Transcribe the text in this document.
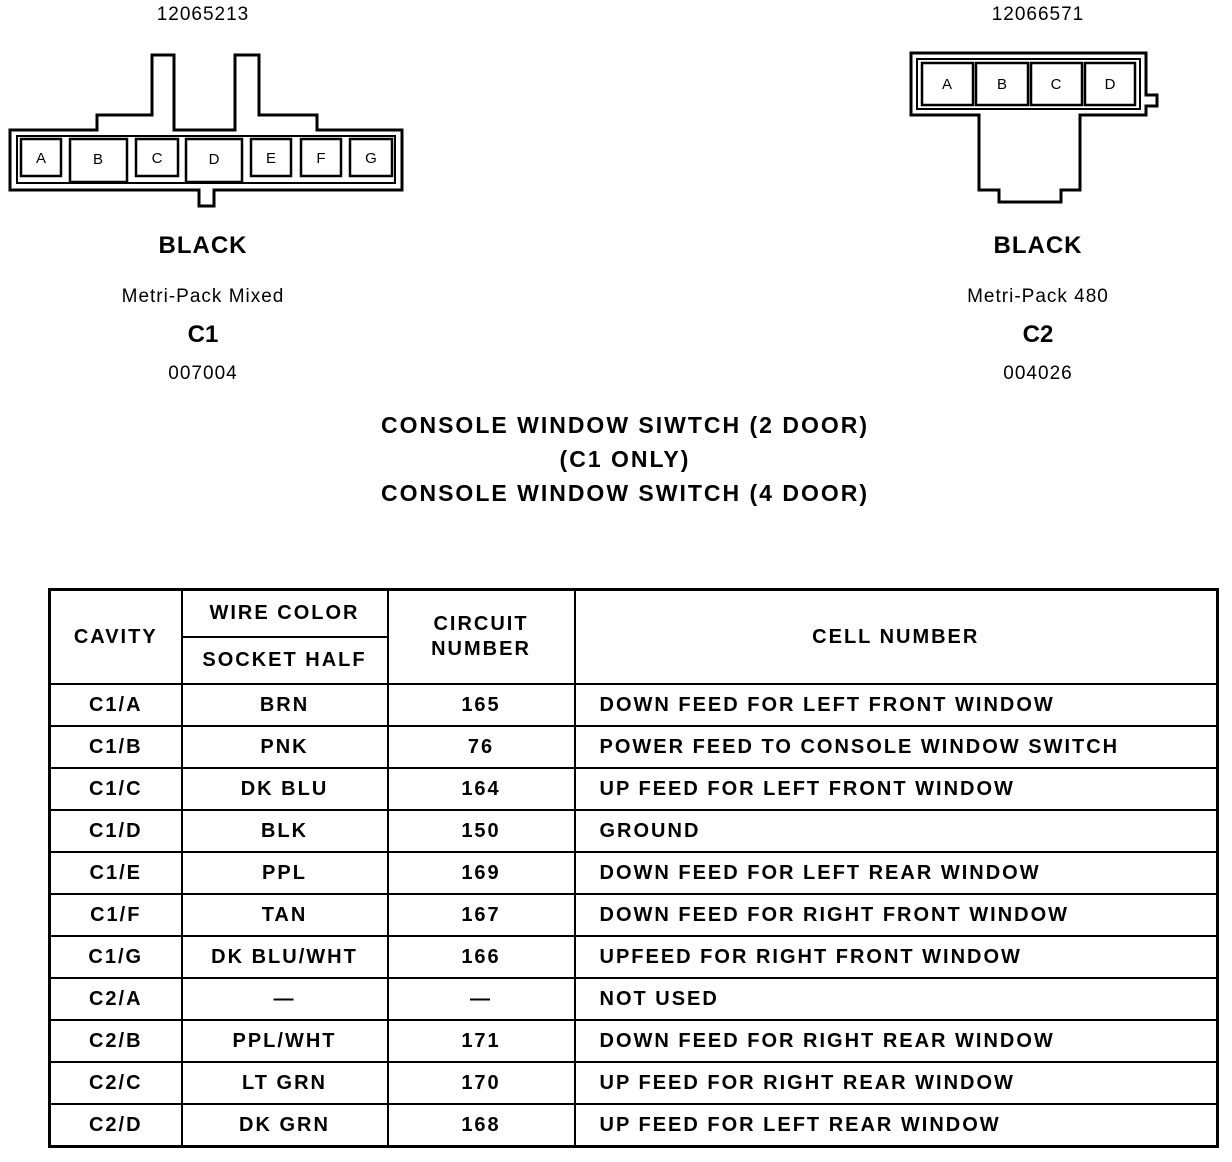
12065213
A	B	C	D	E	F	G
BLACK
Metri-Pack Mixed
C1
007004
12066571
A	B	C	D
BLACK
Metri-Pack 480
C2
004026
CONSOLE WINDOW SIWTCH (2 DOOR)
(C1 ONLY)
CONSOLE WINDOW SWITCH (4 DOOR)
CAVITY	WIRE COLOR	CIRCUIT NUMBER	CELL NUMBER
	SOCKET HALF		
C1/A	BRN	165	DOWN FEED FOR LEFT FRONT WINDOW
C1/B	PNK	76	POWER FEED TO CONSOLE WINDOW SWITCH
C1/C	DK BLU	164	UP FEED FOR LEFT FRONT WINDOW
C1/D	BLK	150	GROUND
C1/E	PPL	169	DOWN FEED FOR LEFT REAR WINDOW
C1/F	TAN	167	DOWN FEED FOR RIGHT FRONT WINDOW
C1/G	DK BLU/WHT	166	UPFEED FOR RIGHT FRONT WINDOW
C2/A	—	—	NOT USED
C2/B	PPL/WHT	171	DOWN FEED FOR RIGHT REAR WINDOW
C2/C	LT GRN	170	UP FEED FOR RIGHT REAR WINDOW
C2/D	DK GRN	168	UP FEED FOR LEFT REAR WINDOW
